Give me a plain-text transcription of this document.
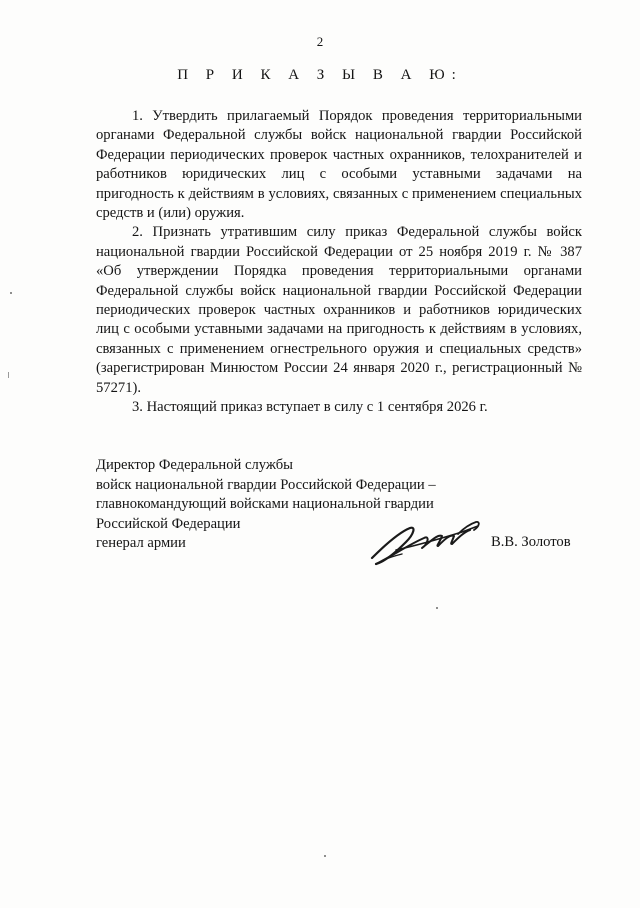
2
П Р И К А З Ы В А Ю:

1. Утвердить прилагаемый Порядок проведения территориальными органами Федеральной службы войск национальной гвардии Российской Федерации периодических проверок частных охранников, телохранителей и работников юридических лиц с особыми уставными задачами на пригодность к действиям в условиях, связанных с применением специальных средств и (или) оружия.

2. Признать утратившим силу приказ Федеральной службы войск национальной гвардии Российской Федерации от 25 ноября 2019 г. № 387 «Об утверждении Порядка проведения территориальными органами Федеральной службы войск национальной гвардии Российской Федерации периодических проверок частных охранников и работников юридических лиц с особыми уставными задачами на пригодность к действиям в условиях, связанных с применением огнестрельного оружия и специальных средств» (зарегистрирован Минюстом России 24 января 2020 г., регистрационный № 57271).

3. Настоящий приказ вступает в силу с 1 сентября 2026 г.

Директор Федеральной службы
войск национальной гвардии Российской Федерации –
главнокомандующий войсками национальной гвардии
Российской Федерации
генерал армии	В.В. Золотов
